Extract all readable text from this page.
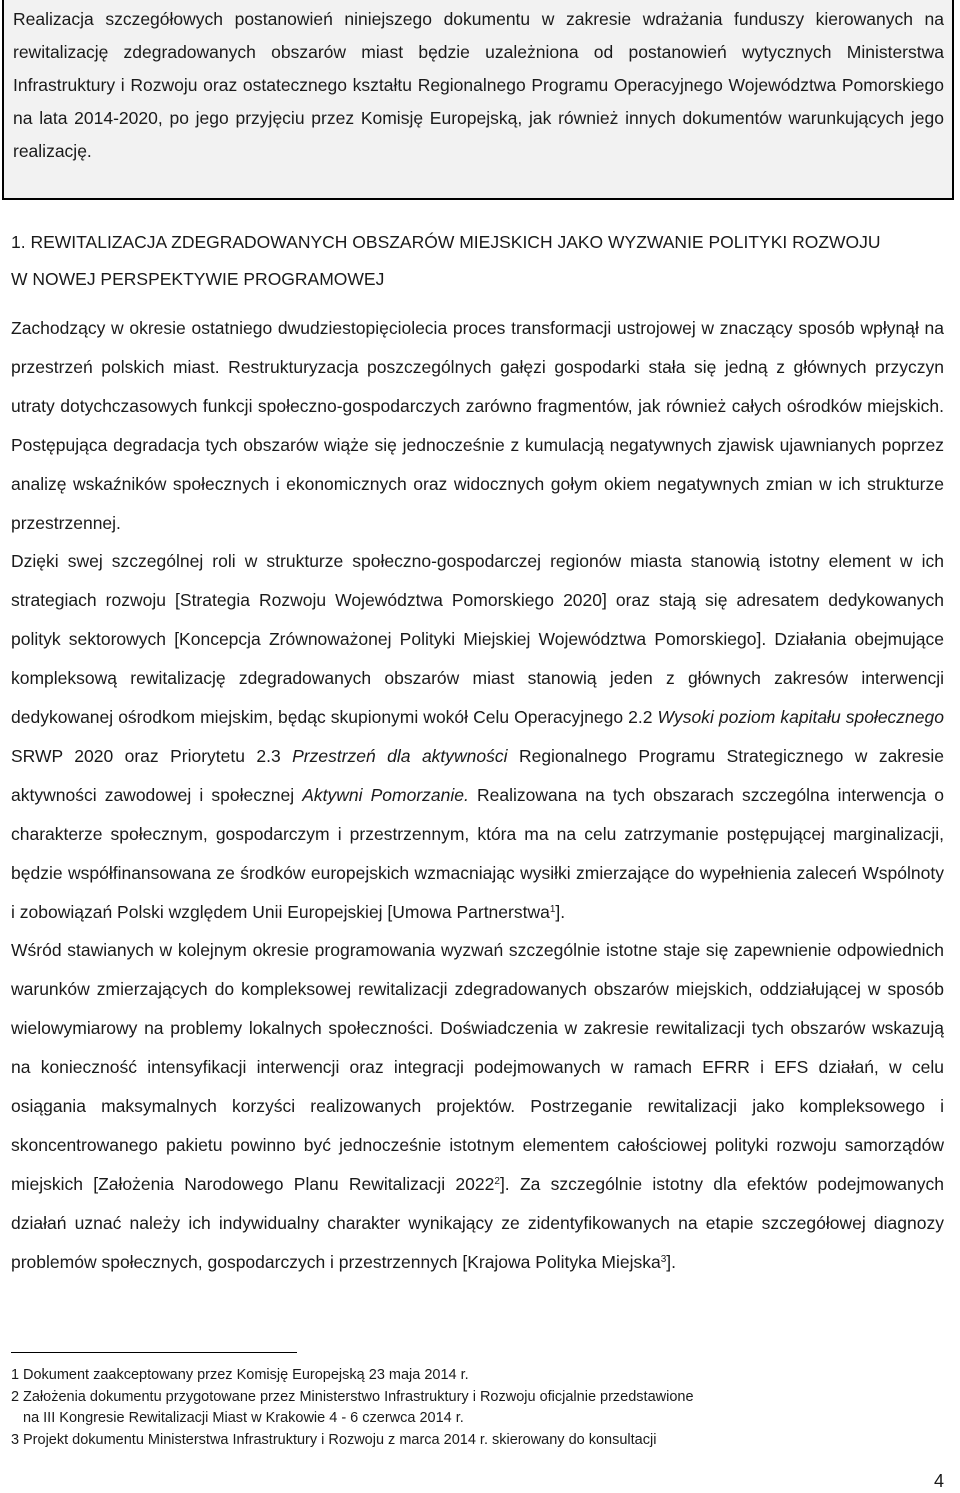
Realizacja szczegółowych postanowień niniejszego dokumentu w zakresie wdrażania funduszy kierowanych na rewitalizację zdegradowanych obszarów miast będzie uzależniona od postanowień wytycznych Ministerstwa Infrastruktury i Rozwoju oraz ostatecznego kształtu Regionalnego Programu Operacyjnego Województwa Pomorskiego na lata 2014-2020, po jego przyjęciu przez Komisję Europejską, jak również innych dokumentów warunkujących jego realizację.
1. REWITALIZACJA ZDEGRADOWANYCH OBSZARÓW MIEJSKICH JAKO WYZWANIE POLITYKI ROZWOJU
W NOWEJ PERSPEKTYWIE PROGRAMOWEJ

Zachodzący w okresie ostatniego dwudziestopięciolecia proces transformacji ustrojowej w znaczący sposób wpłynął na przestrzeń polskich miast. Restrukturyzacja poszczególnych gałęzi gospodarki stała się jedną z głównych przyczyn utraty dotychczasowych funkcji społeczno-gospodarczych zarówno fragmentów, jak również całych ośrodków miejskich. Postępująca degradacja tych obszarów wiąże się jednocześnie z kumulacją negatywnych zjawisk ujawnianych poprzez analizę wskaźników społecznych i ekonomicznych oraz widocznych gołym okiem negatywnych zmian w ich strukturze przestrzennej.

Dzięki swej szczególnej roli w strukturze społeczno-gospodarczej regionów miasta stanowią istotny element w ich strategiach rozwoju [Strategia Rozwoju Województwa Pomorskiego 2020] oraz stają się adresatem dedykowanych polityk sektorowych [Koncepcja Zrównoważonej Polityki Miejskiej Województwa Pomorskiego]. Działania obejmujące kompleksową rewitalizację zdegradowanych obszarów miast stanowią jeden z głównych zakresów interwencji dedykowanej ośrodkom miejskim, będąc skupionymi wokół Celu Operacyjnego 2.2 Wysoki poziom kapitału społecznego SRWP 2020 oraz Priorytetu 2.3 Przestrzeń dla aktywności Regionalnego Programu Strategicznego w zakresie aktywności zawodowej i społecznej Aktywni Pomorzanie. Realizowana na tych obszarach szczególna interwencja o charakterze społecznym, gospodarczym i przestrzennym, która ma na celu zatrzymanie postępującej marginalizacji, będzie współfinansowana ze środków europejskich wzmacniając wysiłki zmierzające do wypełnienia zaleceń Wspólnoty i zobowiązań Polski względem Unii Europejskiej [Umowa Partnerstwa$^1$].

Wśród stawianych w kolejnym okresie programowania wyzwań szczególnie istotne staje się zapewnienie odpowiednich warunków zmierzających do kompleksowej rewitalizacji zdegradowanych obszarów miejskich, oddziałującej w sposób wielowymiarowy na problemy lokalnych społeczności. Doświadczenia w zakresie rewitalizacji tych obszarów wskazują na konieczność intensyfikacji interwencji oraz integracji podejmowanych w ramach EFRR i EFS działań, w celu osiągania maksymalnych korzyści realizowanych projektów. Postrzeganie rewitalizacji jako kompleksowego i skoncentrowanego pakietu powinno być jednocześnie istotnym elementem całościowej polityki rozwoju samorządów miejskich [Założenia Narodowego Planu Rewitalizacji 2022$^2$]. Za szczególnie istotny dla efektów podejmowanych działań uznać należy ich indywidualny charakter wynikający ze zidentyfikowanych na etapie szczegółowej diagnozy problemów społecznych, gospodarczych i przestrzennych [Krajowa Polityka Miejska$^3$].

1 Dokument zaakceptowany przez Komisję Europejską 23 maja 2014 r.

2 Założenia dokumentu przygotowane przez Ministerstwo Infrastruktury i Rozwoju oficjalnie przedstawione

na III Kongresie Rewitalizacji Miast w Krakowie 4 - 6 czerwca 2014 r.

3 Projekt dokumentu Ministerstwa Infrastruktury i Rozwoju z marca 2014 r. skierowany do konsultacji

4
